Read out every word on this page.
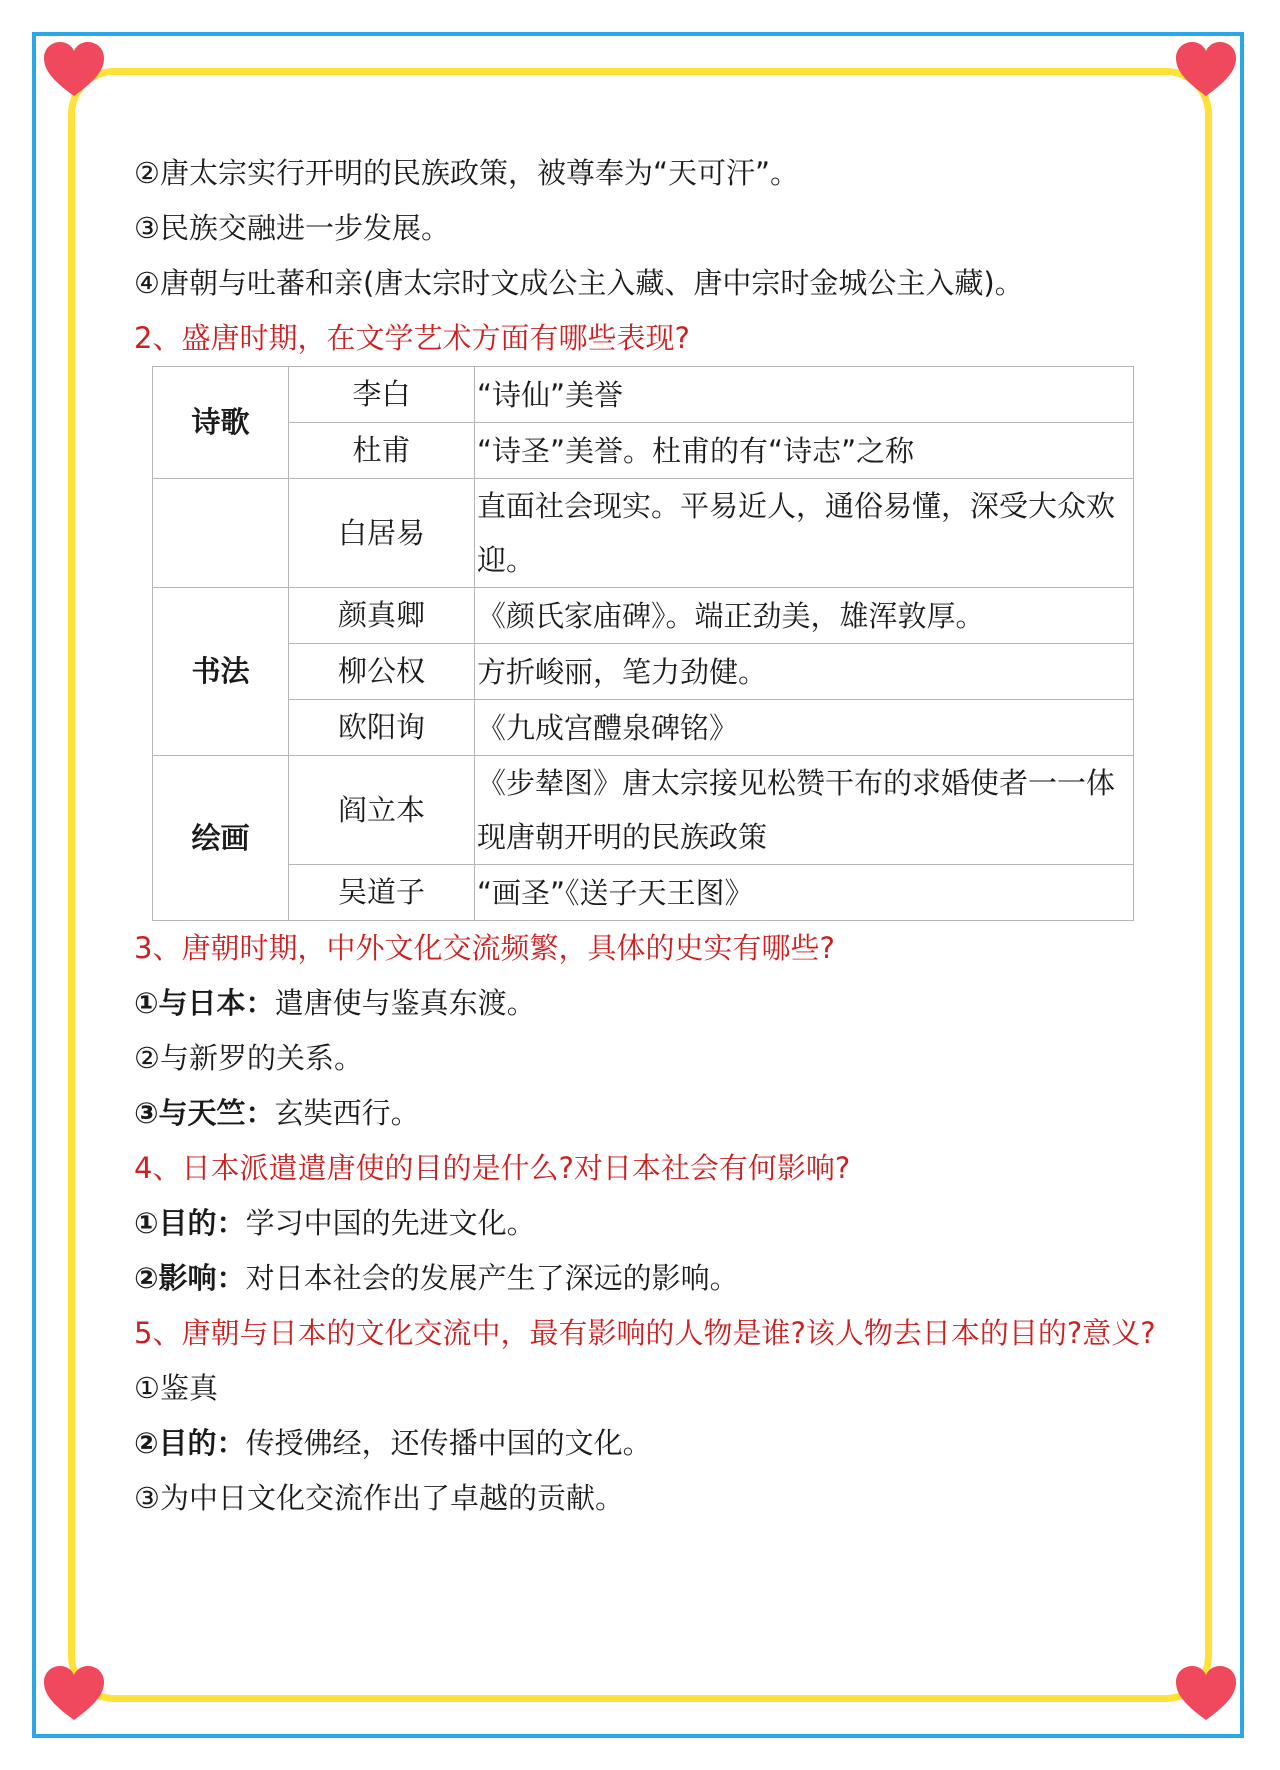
②唐太宗实行开明的民族政策，被尊奉为“天可汗”。
③民族交融进一步发展。
④唐朝与吐蕃和亲(唐太宗时文成公主入藏、唐中宗时金城公主入藏)。
2、盛唐时期，在文学艺术方面有哪些表现?
诗歌	李白	“诗仙”美誉
	杜甫	“诗圣”美誉。杜甫的有“诗志”之称
	白居易	直面社会现实。平易近人，通俗易懂，深受大众欢迎。
书法	颜真卿	《颜氏家庙碑》。端正劲美，雄浑敦厚。
	柳公权	方折峻丽，笔力劲健。
	欧阳询	《九成宫醴泉碑铭》
绘画	阎立本	《步辇图》唐太宗接见松赞干布的求婚使者一一体现唐朝开明的民族政策
	吴道子	“画圣”《送子天王图》
3、唐朝时期，中外文化交流频繁，具体的史实有哪些?
①与日本：遣唐使与鉴真东渡。
②与新罗的关系。
③与天竺：玄奘西行。
4、日本派遣遣唐使的目的是什么?对日本社会有何影响?
①目的：学习中国的先进文化。
②影响：对日本社会的发展产生了深远的影响。
5、唐朝与日本的文化交流中，最有影响的人物是谁?该人物去日本的目的?意义?
①鉴真
②目的：传授佛经，还传播中国的文化。
③为中日文化交流作出了卓越的贡献。
